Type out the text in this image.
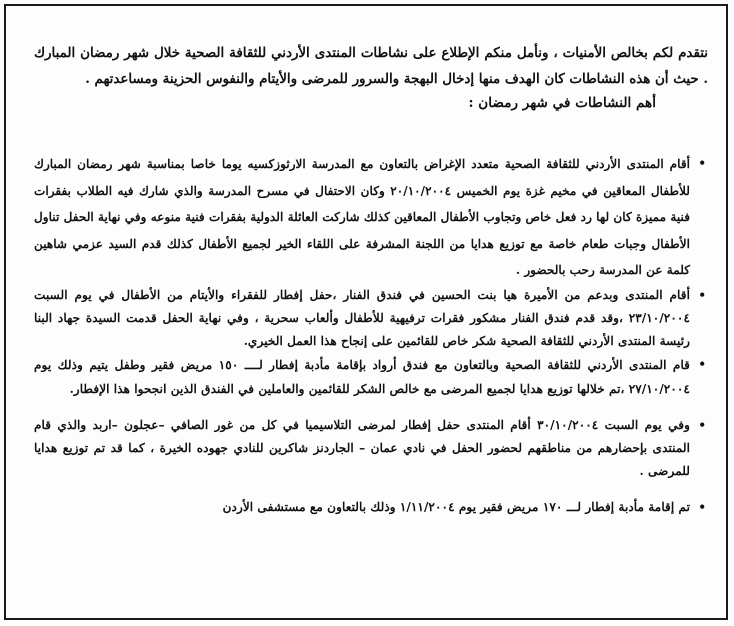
نتقدم لكم بخالص الأمنيات ، ونأمل منكم الإطلاع على نشاطات المنتدى الأردني للثقافة الصحية خلال شهر رمضان المبارك . حيث أن هذه النشاطات كان الهدف منها إدخال البهجة والسرور للمرضى والأيتام والنفوس الحزينة ومساعدتهم .

أهم النشاطات في شهر رمضان :

•

أقام المنتدى الأردني للثقافة الصحية متعدد الإغراض بالتعاون مع المدرسة الارثوزكسيه يوما خاصا بمناسبة شهر رمضان المبارك للأطفال المعاقين في مخيم غزة يوم الخميس ٢٠/١٠/٢٠٠٤ وكان الاحتفال في مسرح المدرسة والذي شارك فيه الطلاب بفقرات فنية مميزة كان لها رد فعل خاص وتجاوب الأطفال المعاقين كذلك شاركت العائلة الدولية بفقرات فنية منوعه وفي نهاية الحفل تناول الأطفال وجبات طعام خاصة مع توزيع هدايا من اللجنة المشرفة على اللقاء الخير لجميع الأطفال كذلك قدم السيد عزمي شاهين كلمة عن المدرسة رحب بالحضور .

•

أقام المنتدى وبدعم من الأميرة هيا بنت الحسين في فندق الفنار ،حفل إفطار للفقراء والأيتام من الأطفال في يوم السبت ٢٣/١٠/٢٠٠٤ ،وقد قدم فندق الفنار مشكور فقرات ترفيهية للأطفال وألعاب سحرية ، وفي نهاية الحفل قدمت السيدة جهاد البنا رئيسة المنتدى الأردني للثقافة الصحية شكر خاص للقائمين على إنجاح هذا العمل الخيري.

•

قام المنتدى الأردني للثقافة الصحية وبالتعاون مع فندق أرواد بإقامة مأدبة إفطار لــــ ١٥٠ مريض فقير وطفل يتيم وذلك يوم ٢٧/١٠/٢٠٠٤ ،تم خلالها توزيع هدايا لجميع المرضى مع خالص الشكر للقائمين والعاملين في الفندق الذين انجحوا هذا الإفطار.

•

وفي يوم السبت ٣٠/١٠/٢٠٠٤ أقام المنتدى حفل إفطار لمرضى التلاسيميا في كل من غور الصافي –عجلون –اربد والذي قام المنتدى بإحضارهم من مناطقهم لحضور الحفل في نادي عمان – الجاردنز شاكرين للنادي جهوده الخيرة ، كما قد تم توزيع هدايا للمرضى .

•

تم إقامة مأدبة إفطار لـــ ١٧٠ مريض فقير يوم ١/١١/٢٠٠٤ وذلك بالتعاون مع مستشفى الأردن
